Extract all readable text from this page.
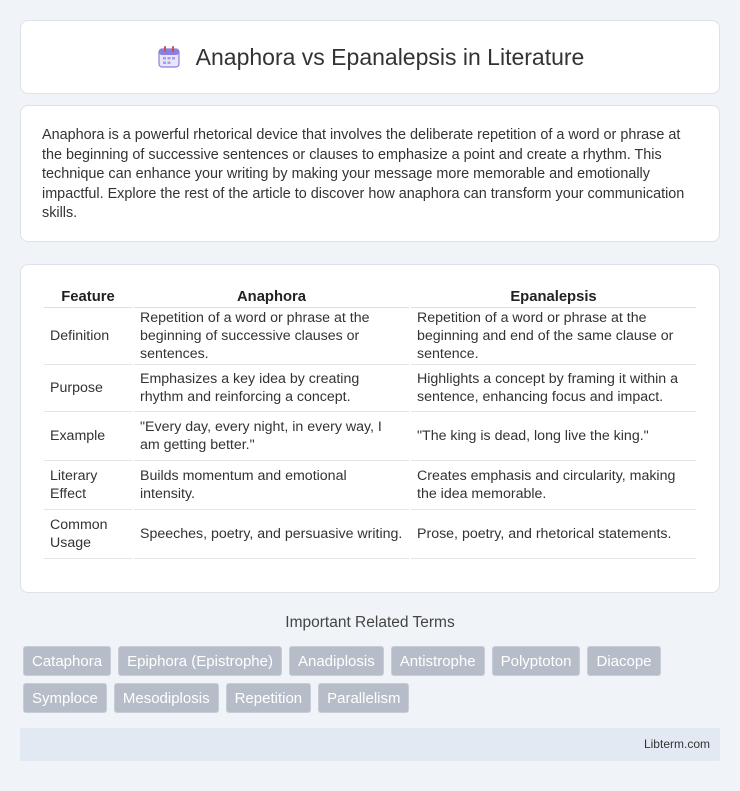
Anaphora vs Epanalepsis in Literature

Anaphora is a powerful rhetorical device that involves the deliberate repetition of a word or phrase at the beginning of successive sentences or clauses to emphasize a point and create a rhythm. This technique can enhance your writing by making your message more memorable and emotionally impactful. Explore the rest of the article to discover how anaphora can transform your communication skills.

Feature	Anaphora	Epanalepsis
Definition	Repetition of a word or phrase at the beginning of successive clauses or sentences.	Repetition of a word or phrase at the beginning and end of the same clause or sentence.
Purpose	Emphasizes a key idea by creating rhythm and reinforcing a concept.	Highlights a concept by framing it within a sentence, enhancing focus and impact.
Example	"Every day, every night, in every way, I am getting better."	"The king is dead, long live the king."
Literary Effect	Builds momentum and emotional intensity.	Creates emphasis and circularity, making the idea memorable.
Common Usage	Speeches, poetry, and persuasive writing.	Prose, poetry, and rhetorical statements.
Important Related Terms
Cataphora	Epiphora (Epistrophe)	Anadiplosis	Antistrophe	Polyptoton	Diacope
Symploce	Mesodiplosis	Repetition	Parallelism
Libterm.com
